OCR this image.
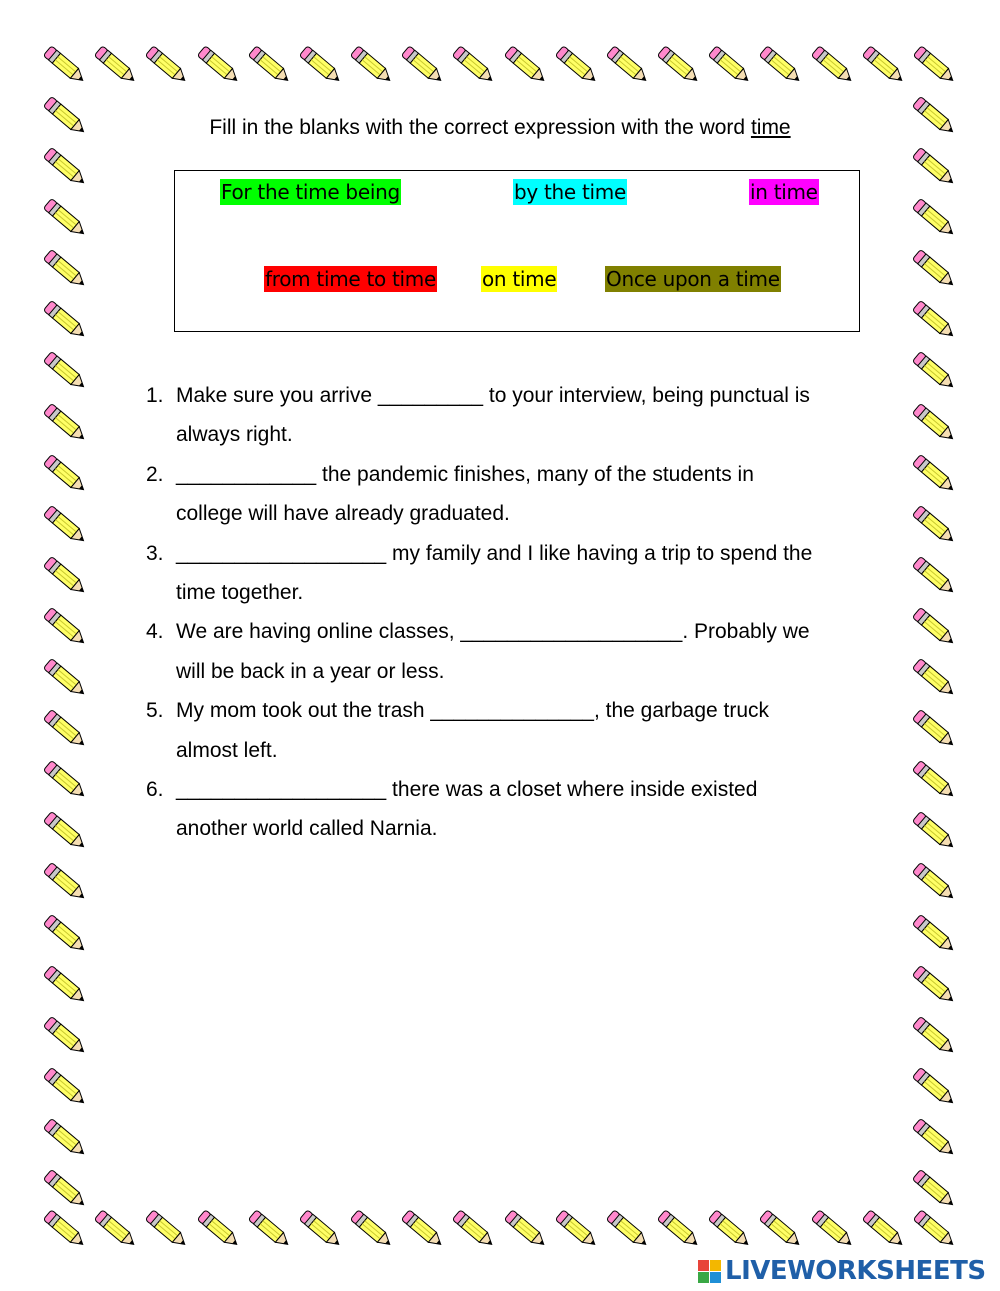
Fill in the blanks with the correct expression with the word time
For the time being	by the time	in time
from time to time on time Once upon a time
1. Make sure you arrive _________ to your interview, being punctual is
always right.
2. ____________ the pandemic finishes, many of the students in
college will have already graduated.
3. __________________ my family and I like having a trip to spend the
time together.
4. We are having online classes, ___________________. Probably we
will be back in a year or less.
5. My mom took out the trash ______________, the garbage truck
almost left.
6. __________________ there was a closet where inside existed
another world called Narnia.
LIVEWORKSHEETS
